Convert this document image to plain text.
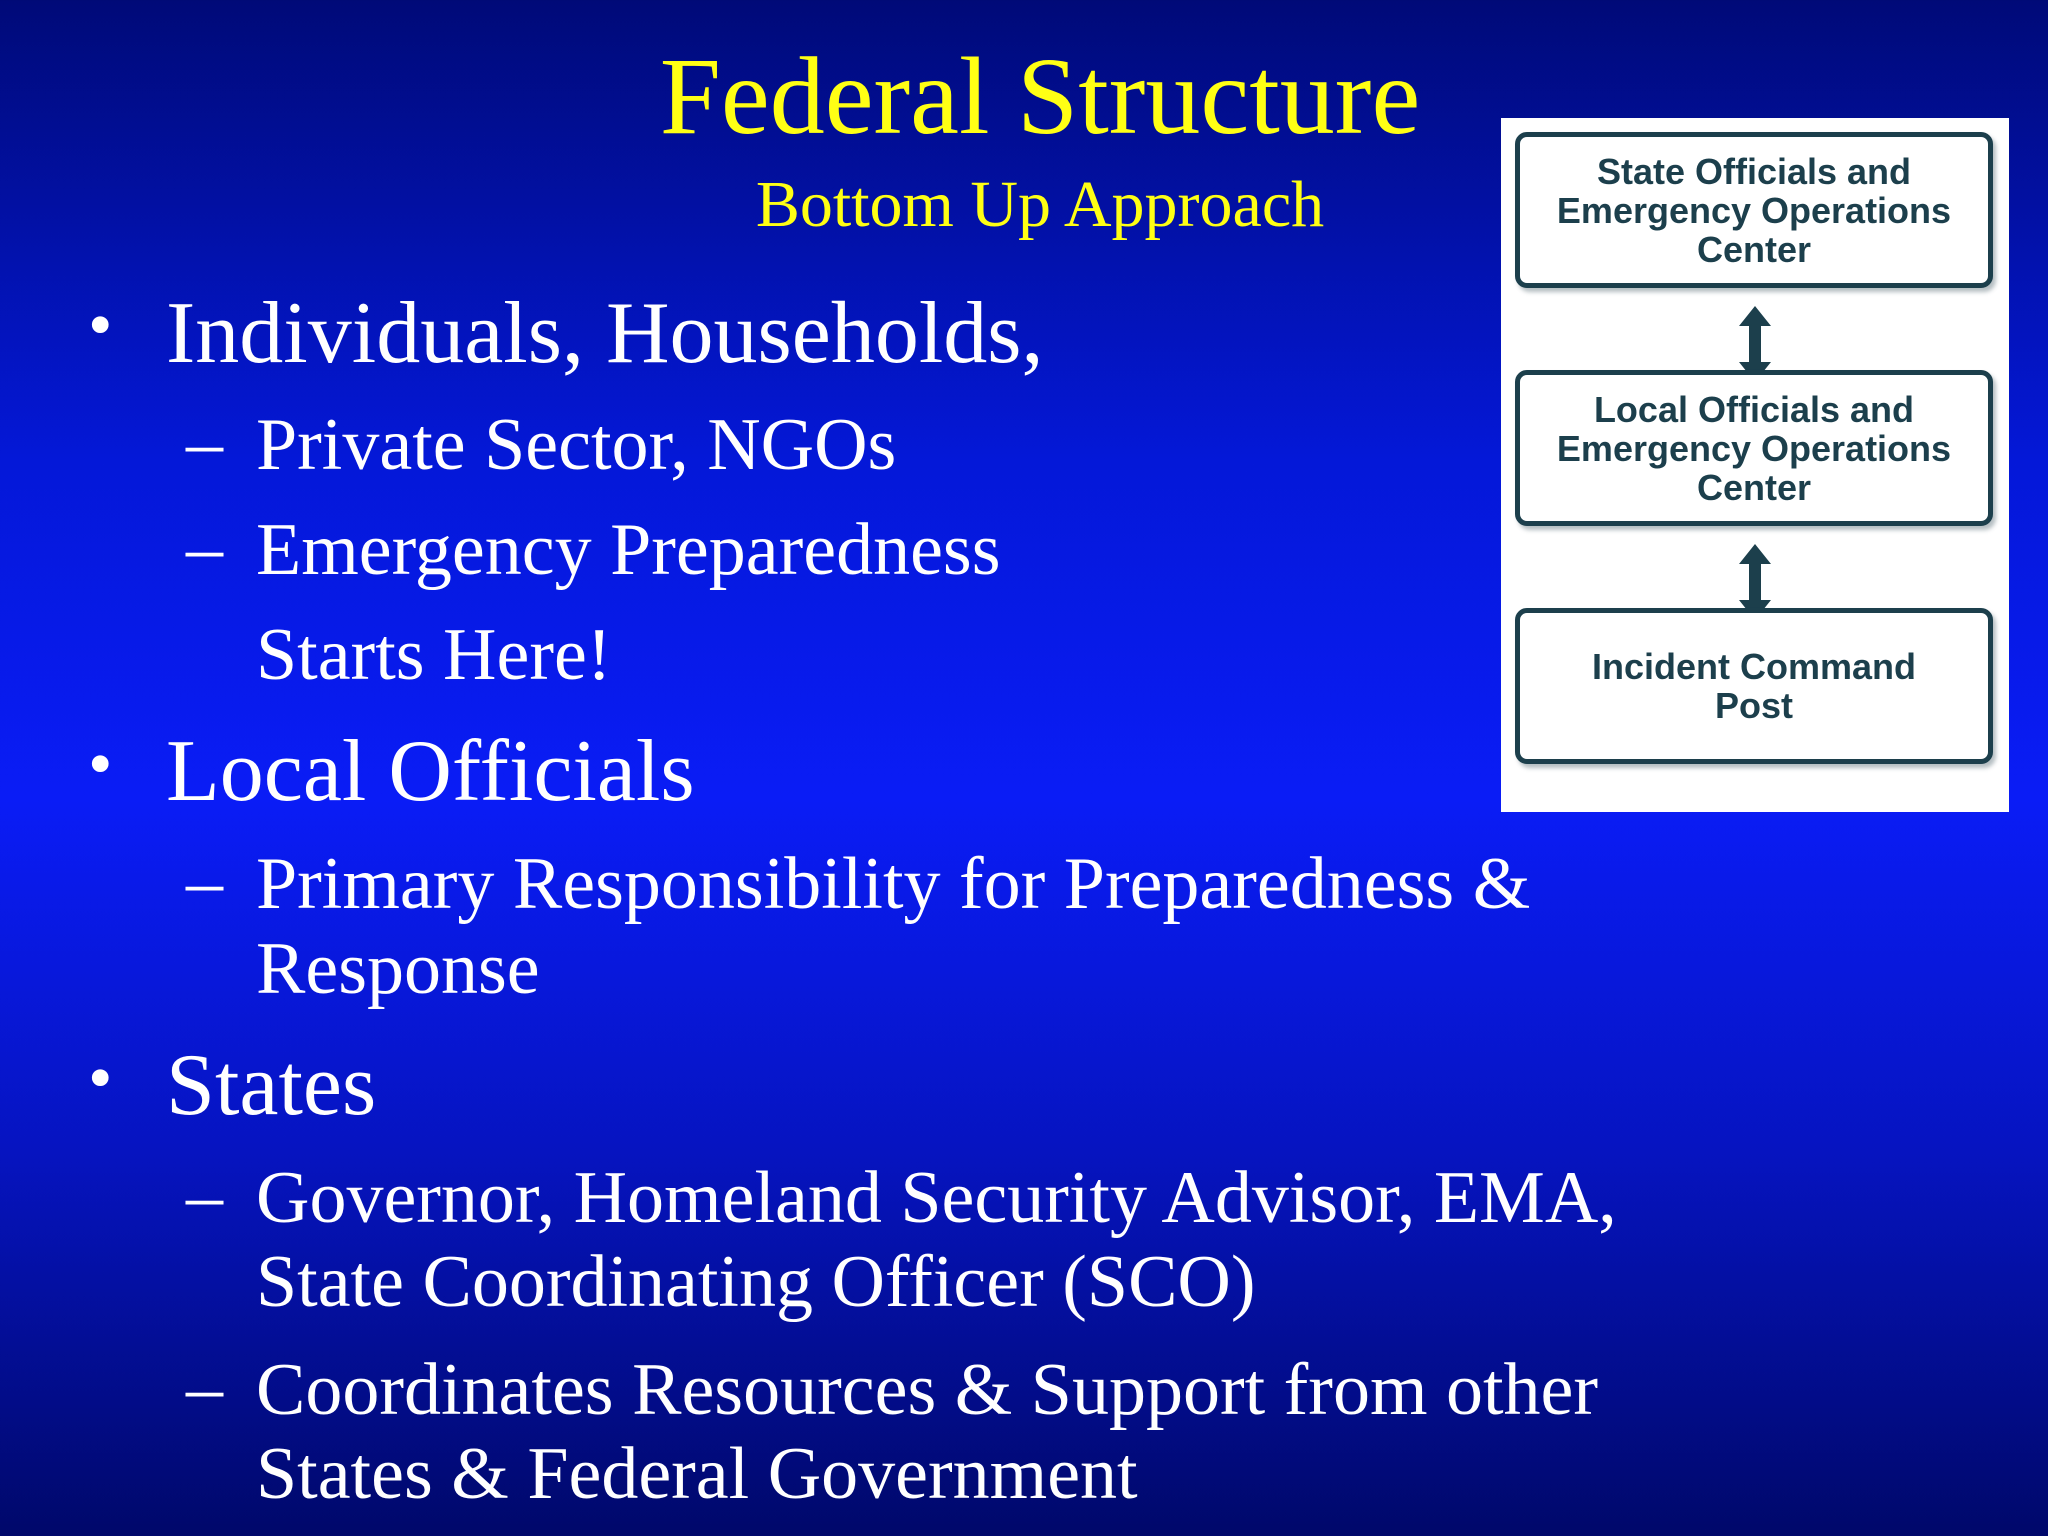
Federal Structure
Bottom Up Approach
• Individuals, Households,
– Private Sector, NGOs
– Emergency Preparedness
Starts Here!
• Local Officials
– Primary Responsibility for Preparedness &
Response
• States
– Governor, Homeland Security Advisor, EMA,
State Coordinating Officer (SCO)
– Coordinates Resources & Support from other
States & Federal Government
State Officials and
Emergency Operations
Center
Local Officials and
Emergency Operations
Center
Incident Command
Post
